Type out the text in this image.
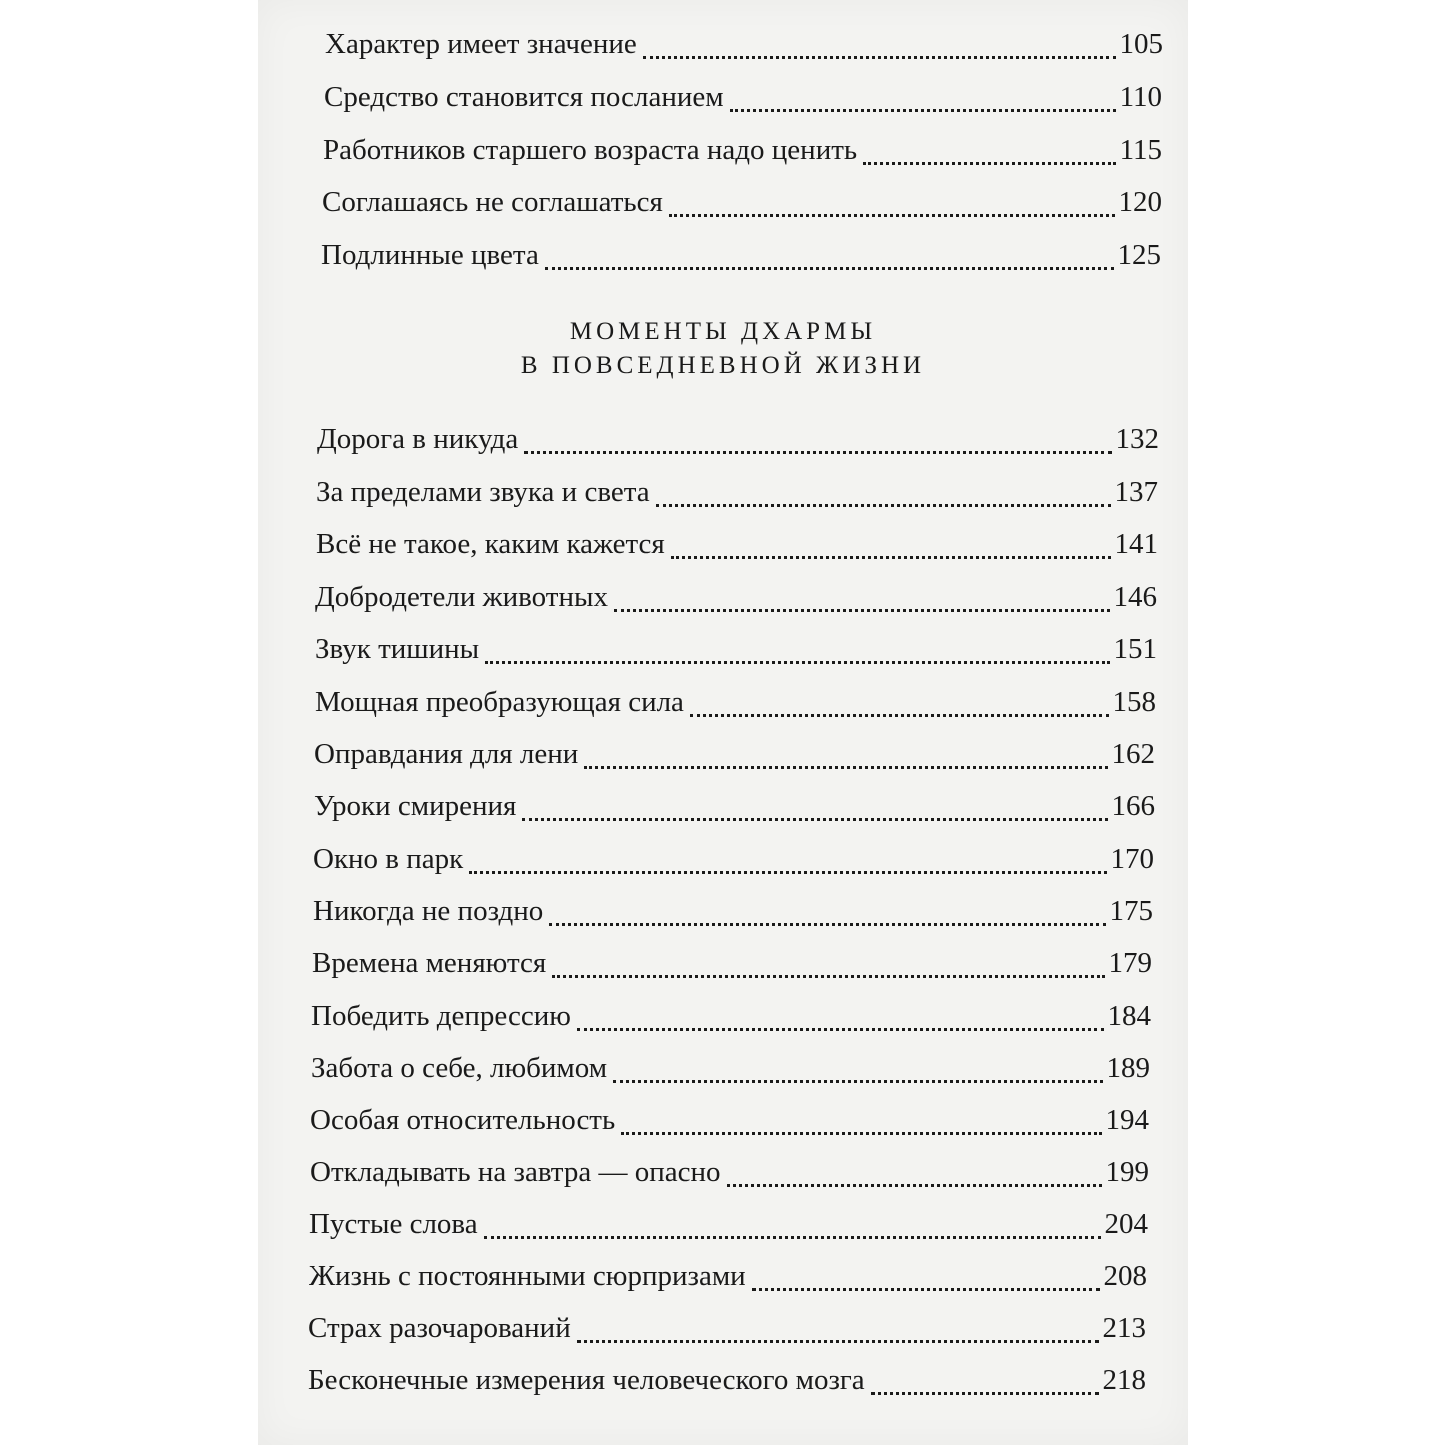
Характер имеет значение	105
Средство становится посланием	110
Работников старшего возраста надо ценить	115
Соглашаясь не соглашаться	120
Подлинные цвета	125
МОМЕНТЫ ДХАРМЫ
В ПОВСЕДНЕВНОЙ ЖИЗНИ
Дорога в никуда	132
За пределами звука и света	137
Всё не такое, каким кажется	141
Добродетели животных	146
Звук тишины	151
Мощная преобразующая сила	158
Оправдания для лени	162
Уроки смирения	166
Окно в парк	170
Никогда не поздно	175
Времена меняются	179
Победить депрессию	184
Забота о себе, любимом	189
Особая относительность	194
Откладывать на завтра — опасно	199
Пустые слова	204
Жизнь с постоянными сюрпризами	208
Страх разочарований	213
Бесконечные измерения человеческого мозга	218
